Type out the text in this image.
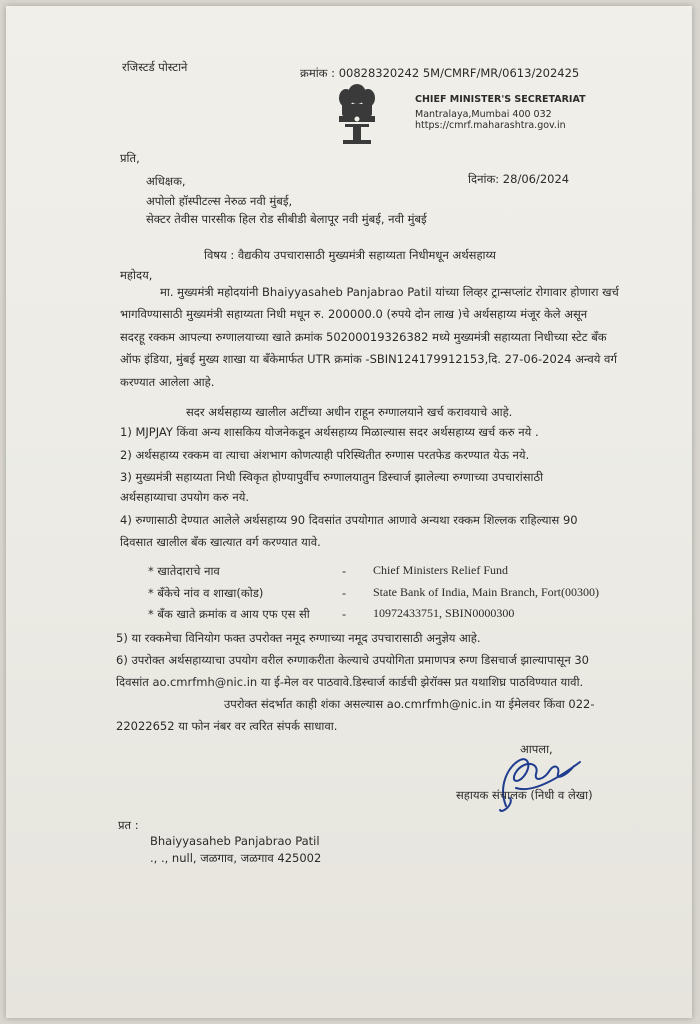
रजिस्टर्ड पोस्टाने	क्रमांक : 00828320242 5M/CMRF/MR/0613/202425
CHIEF MINISTER'S SECRETARIAT
Mantralaya,Mumbai 400 032
https://cmrf.maharashtra.gov.in
प्रति,
अधिक्षक,	दिनांक: 28/06/2024
अपोलो हॉस्पीटल्स नेरुळ नवी मुंबई,
सेक्टर तेवीस पारसीक हिल रोड सीबीडी बेलापूर नवी मुंबई, नवी मुंबई
विषय : वैद्यकीय उपचारासाठी मुख्यमंत्री सहाय्यता निधीमधून अर्थसहाय्य
महोदय,
मा. मुख्यमंत्री महोदयांनी Bhaiyyasaheb Panjabrao Patil यांच्या लिव्हर ट्रान्सप्लांट रोगावार होणारा खर्च
भागविण्यासाठी मुख्यमंत्री सहाय्यता निधी मधून रु. 200000.0 (रुपये दोन लाख )चे अर्थसहाय्य मंजूर केले असून
सदरहू रक्कम आपल्या रुग्णालयाच्या खाते क्रमांक 50200019326382 मध्ये मुख्यमंत्री सहाय्यता निधीच्या स्टेट बँक
ऑफ इंडिया, मुंबई मुख्य शाखा या बँकेमार्फत UTR क्रमांक -SBIN124179912153,दि. 27-06-2024 अन्वये वर्ग
करण्यात आलेला आहे.
सदर अर्थसहाय्य खालील अटींच्या अधीन राहून रुग्णालयाने खर्च करावयाचे आहे.
1) MJPJAY किंवा अन्य शासकिय योजनेकडून अर्थसहाय्य मिळाल्यास सदर अर्थसहाय्य खर्च करु नये .
2) अर्थसहाय्य रक्कम वा त्याचा अंशभाग कोणत्याही परिस्थितीत रुग्णास परतफेड करण्यात येऊ नये.
3) मुख्यमंत्री सहाय्यता निधी स्विकृत होण्यापुर्वीच रुग्णालयातुन डिस्चार्ज झालेल्या रुग्णाच्या उपचारांसाठी
अर्थसहाय्याचा उपयोग करु नये.
4) रुग्णासाठी देण्यात आलेले अर्थसहाय्य 90 दिवसांत उपयोगात आणावे अन्यथा रक्कम शिल्लक राहिल्यास 90
दिवसात खालील बँक खात्यात वर्ग करण्यात यावे.
* खातेदाराचे नाव	- Chief Ministers Relief Fund
* बँकेचे नांव व शाखा(कोड)	- State Bank of India, Main Branch, Fort(00300)
* बँक खाते क्रमांक व आय एफ एस सी	- 10972433751, SBIN0000300
5) या रक्कमेचा विनियोग फक्त उपरोक्त नमूद रुग्णाच्या नमूद उपचारासाठी अनुज्ञेय आहे.
6) उपरोक्त अर्थसहाय्याचा उपयोग वरील रुग्णाकरीता केल्याचे उपयोगिता प्रमाणपत्र रुग्ण डिसचार्ज झाल्यापासून 30
दिवसांत ao.cmrfmh@nic.in या ई-मेल वर पाठवावे.डिस्चार्ज कार्डची झेरॉक्स प्रत यथाशिघ्र पाठविण्यात यावी.
उपरोक्त संदर्भात काही शंका असल्यास ao.cmrfmh@nic.in या ईमेलवर किंवा 022-
22022652 या फोन नंबर वर त्वरित संपर्क साधावा.
आपला,
सहायक संचालक (निधी व लेखा)
प्रत :
Bhaiyyasaheb Panjabrao Patil
., ., null, जळगाव, जळगाव 425002
